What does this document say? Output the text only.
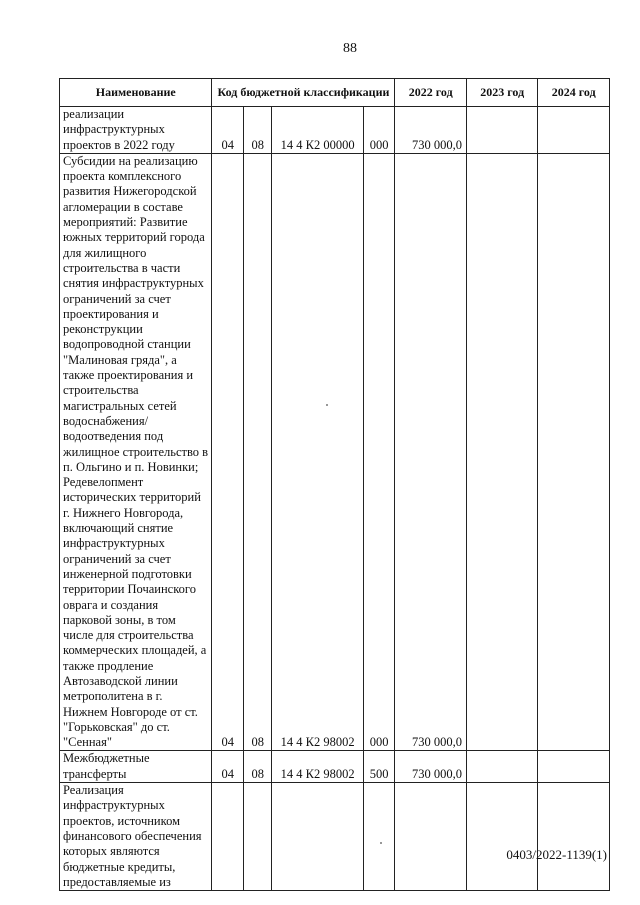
88
Наименование	Код бюджетной классификации				2022 год	2023 год	2024 год
реализации инфраструктурных проектов в 2022 году	04	08	14 4 К2 00000	000	730 000,0		
Субсидии на реализацию проекта комплексного развития Нижегородской агломерации в составе мероприятий: Развитие южных территорий города для жилищного строительства в части снятия инфраструктурных ограничений за счет проектирования и реконструкции водопроводной станции "Малиновая гряда", а также проектирования и строительства магистральных сетей водоснабжения/водоотведения под жилищное строительство в п. Ольгино и п. Новинки; Редевелопмент исторических территорий г. Нижнего Новгорода, включающий снятие инфраструктурных ограничений за счет инженерной подготовки территории Почаинского оврага и создания парковой зоны, в том числе для строительства коммерческих площадей, а также продление Автозаводской линии метрополитена в г. Нижнем Новгороде от ст. "Горьковская" до ст. "Сенная"	04	08	14 4 К2 98002	000	730 000,0		
Межбюджетные трансферты	04	08	14 4 К2 98002	500	730 000,0		
Реализация инфраструктурных проектов, источником финансового обеспечения которых являются бюджетные кредиты, предоставляемые из							
0403/2022-1139(1)
